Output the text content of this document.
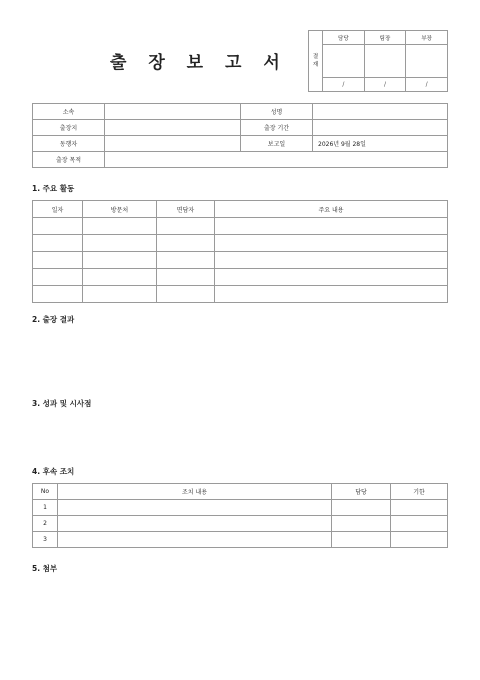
출 장 보 고 서	결
재	담당	팀장	부장

	/	/	/
소속		성명	
출장지		출장 기간	
동행자		보고일	2026년 9월 28일
출장 목적			
1. 주요 활동
일자	방문처	면담자	주요 내용

2. 출장 결과
3. 성과 및 시사점
4. 후속 조치
No	조치 내용	담당	기한
1			
2			
3			
5. 첨부
